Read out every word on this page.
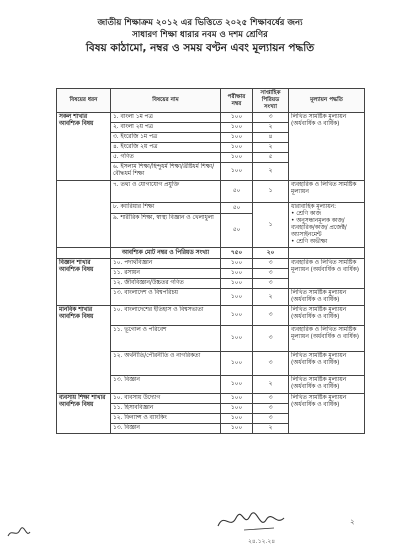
জাতীয় শিক্ষাক্রম ২০১২ এর ভিত্তিতে ২০২৫ শিক্ষাবর্ষের জন্য
সাধারণ শিক্ষা ধারার নবম ও দশম শ্রেণির
বিষয় কাঠামো, নম্বর ও সময় বণ্টন এবং মূল্যায়ন পদ্ধতি
বিষয়ের ধরন	বিষয়ের নাম	পরীক্ষার নম্বর	সাপ্তাহিক পিরিয়ড সংখ্যা	মূল্যায়ন পদ্ধতি
সকল শাখার আবশ্যিক বিষয়	১. বাংলা ১ম পত্র	১০০	৩	লিখিত সামষ্টিক মূল্যায়ন (অর্ধবার্ষিক ও বার্ষিক)
	২. বাংলা ২য় পত্র	১০০	২	
	৩. ইংরেজি ১ম পত্র	১০০	৪	
	৪. ইংরেজি ২য় পত্র	১০০	২	
	৫. গণিত	১০০	৫	
	৬. ইসলাম শিক্ষা/হিন্দুধর্ম শিক্ষা/খ্রীষ্টধর্ম শিক্ষা/বৌদ্ধধর্ম শিক্ষা	১০০	২	
	৭. তথ্য ও যোগাযোগ প্রযুক্তি	৫০	১	ব্যবহারিক ও লিখিত সামষ্টিক মূল্যায়ন
	৮. ক্যারিয়ার শিক্ষা	৫০	১	ধারাবাহিক মূল্যায়ন:
• শ্রেণি কাজ
• অনুসন্ধানমূলক কাজ/ব্যবহারিক/কাজ/ প্রজেক্ট/অ্যাসাইনমেন্ট
• শ্রেণি অভীক্ষা

	৯. শারীরিক শিক্ষা, স্বাস্থ্য বিজ্ঞান ও খেলাধুলা	৫০		
	আবশ্যিক মোট নম্বর ও পিরিয়ড সংখ্যা	৭৫০	২০	
বিজ্ঞান শাখার আবশ্যিক বিষয়	১০. পদার্থবিজ্ঞান	১০০	৩	ব্যবহারিক ও লিখিত সামষ্টিক মূল্যায়ন (অর্ধবার্ষিক ও বার্ষিক)
	১১. রসায়ন	১০০	৩	
	১২. জীববিজ্ঞান/উচ্চতর গণিত	১০০	৩	
	১৩. বাংলাদেশ ও বিশ্বপরিচয়	১০০	২	লিখিত সামষ্টিক মূল্যায়ন (অর্ধবার্ষিক ও বার্ষিক)
মানবিক শাখার আবশ্যিক বিষয়	১০. বাংলাদেশের ইতিহাস ও বিশ্বসভ্যতা	১০০	৩	লিখিত সামষ্টিক মূল্যায়ন (অর্ধবার্ষিক ও বার্ষিক)
	১১. ভূগোল ও পরিবেশ	১০০	৩	ব্যবহারিক ও লিখিত সামষ্টিক মূল্যায়ন (অর্ধবার্ষিক ও বার্ষিক)
	১২. অর্থনীতি/পৌরনীতি ও নাগরিকতা	১০০	৩	লিখিত সামষ্টিক মূল্যায়ন (অর্ধবার্ষিক ও বার্ষিক)
	১৩. বিজ্ঞান	১০০	২	লিখিত সামষ্টিক মূল্যায়ন (অর্ধবার্ষিক ও বার্ষিক)
ব্যবসায় শিক্ষা শাখার আবশ্যিক বিষয়	১০. ব্যবসায় উদ্যোগ	১০০	৩	লিখিত সামষ্টিক মূল্যায়ন (অর্ধবার্ষিক ও বার্ষিক)
	১১. হিসাববিজ্ঞান	১০০	৩	
	১২. ফিন্যান্স ও ব্যাংকিং	১০০	৩	
	১৩. বিজ্ঞান	১০০	২	
২৪.১২.২৪
২
